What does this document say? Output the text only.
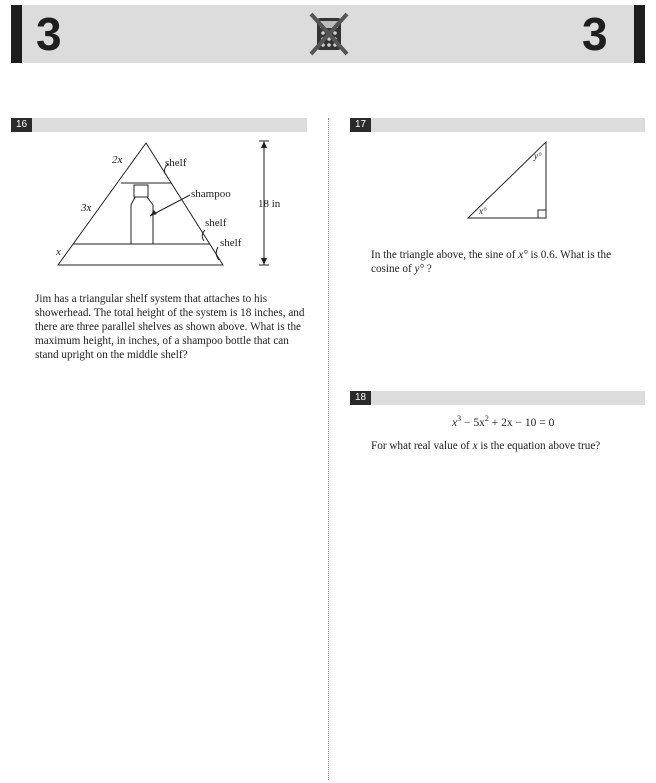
3	3
16
2x
3x
x
shelf
shampoo
shelf
shelf
18 in
Jim has a triangular shelf system that attaches to his showerhead. The total height of the system is 18 inches, and there are three parallel shelves as shown above. What is the maximum height, in inches, of a shampoo bottle that can stand upright on the middle shelf?
17
x°
y°
In the triangle above, the sine of x° is 0.6. What is the cosine of y° ?
18
$x^3 - 5x^2 + 2x - 10 = 0$
For what real value of x is the equation above true?
